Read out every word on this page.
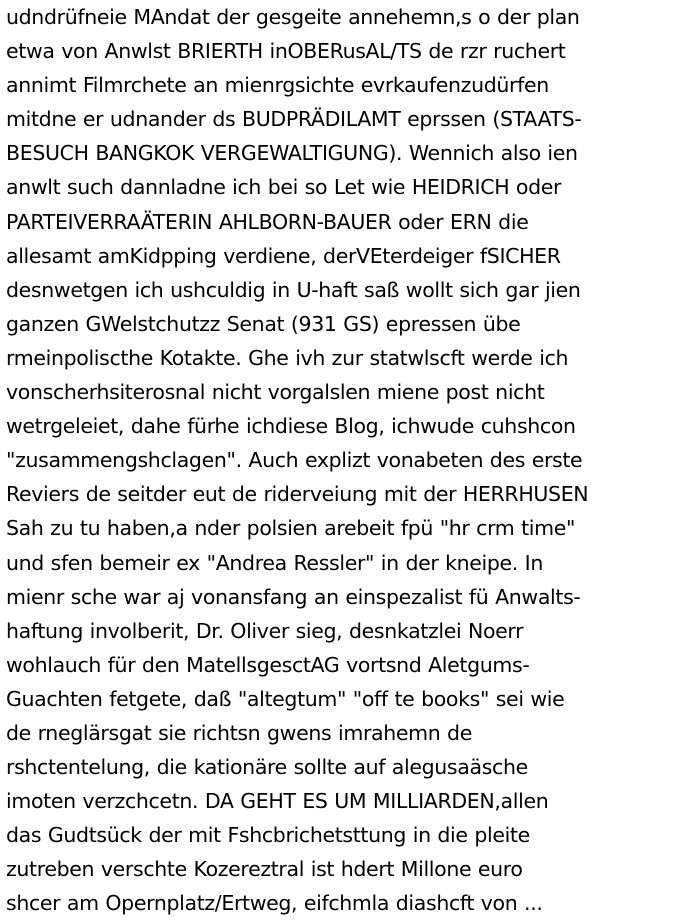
udndrüfneie MAndat der gesgeite annehemn,s o der plan
etwa von Anwlst BRIERTH inOBERusAL/TS de rzr ruchert
annimt Filmrchete an mienrgsichte evrkaufenzudürfen
mitdne er udnander ds BUDPRÄDILAMT eprssen (STAATS-
BESUCH BANGKOK VERGEWALTIGUNG). Wennich also ien
anwlt such dannladne ich bei so Let wie HEIDRICH oder
PARTEIVERRAÄTERIN AHLBORN-BAUER oder ERN die
allesamt amKidpping verdiene, derVEterdeiger fSICHER
desnwetgen ich ushculdig in U-haft saß wollt sich gar jien
ganzen GWelstchutzz Senat (931 GS) epressen übe
rmeinpoliscthe Kotakte. Ghe ivh zur statwlscft werde ich
vonscherhsiterosnal nicht vorgalslen miene post nicht
wetrgeleiet, dahe fürhe ichdiese Blog, ichwude cuhshcon
"zusammengshclagen". Auch explizt vonabeten des erste
Reviers de seitder eut de riderveiung mit der HERRHUSEN
Sah zu tu haben,a nder polsien arebeit fpü "hr crm time"
und sfen bemeir ex "Andrea Ressler" in der kneipe. In
mienr sche war aj vonansfang an einspezalist fü Anwalts-
haftung involberit, Dr. Oliver sieg, desnkatzlei Noerr
wohlauch für den MatellsgesctAG vortsnd Aletgums-
Guachten fetgete, daß "altegtum" "off te books" sei wie
de rneglärsgat sie richtsn gwens imrahemn de
rshctentelung, die kationäre sollte auf alegusaäsche
imoten verzchcetn. DA GEHT ES UM MILLIARDEN,allen
das Gudtsück der mit Fshcbrichetsttung in die pleite
zutreben verschte Kozereztral ist hdert Millone euro
shcer am Opernplatz/Ertweg, eifchmla diashcft von ...
